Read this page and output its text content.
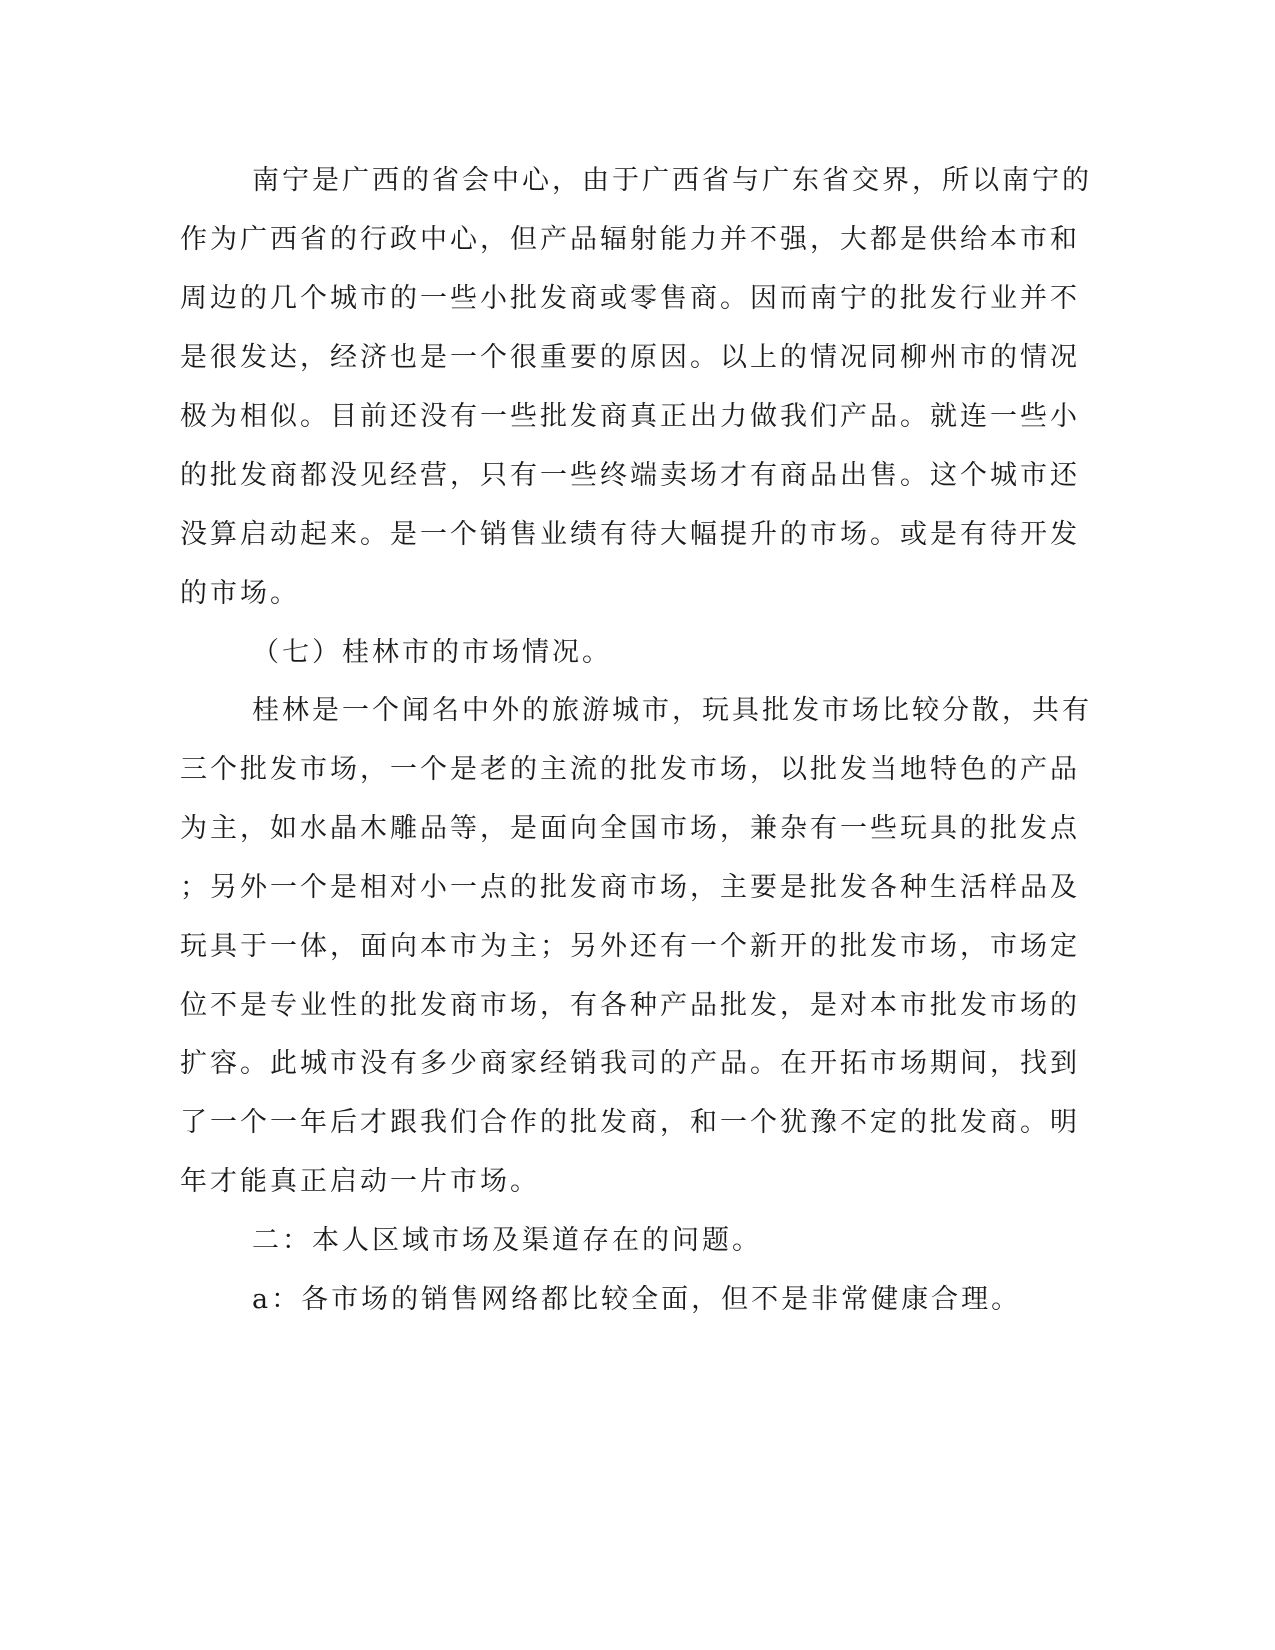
南宁是广西的省会中心，由于广西省与广东省交界，所以南宁的
作为广西省的行政中心，但产品辐射能力并不强，大都是供给本市和
周边的几个城市的一些小批发商或零售商。因而南宁的批发行业并不
是很发达，经济也是一个很重要的原因。以上的情况同柳州市的情况
极为相似。目前还没有一些批发商真正出力做我们产品。就连一些小
的批发商都没见经营，只有一些终端卖场才有商品出售。这个城市还
没算启动起来。是一个销售业绩有待大幅提升的市场。或是有待开发
的市场。
（七）桂林市的市场情况。
桂林是一个闻名中外的旅游城市，玩具批发市场比较分散，共有
三个批发市场，一个是老的主流的批发市场，以批发当地特色的产品
为主，如水晶木雕品等，是面向全国市场，兼杂有一些玩具的批发点
；另外一个是相对小一点的批发商市场，主要是批发各种生活样品及
玩具于一体，面向本市为主；另外还有一个新开的批发市场，市场定
位不是专业性的批发商市场，有各种产品批发，是对本市批发市场的
扩容。此城市没有多少商家经销我司的产品。在开拓市场期间，找到
了一个一年后才跟我们合作的批发商，和一个犹豫不定的批发商。明
年才能真正启动一片市场。
二：本人区域市场及渠道存在的问题。
a：各市场的销售网络都比较全面，但不是非常健康合理。
